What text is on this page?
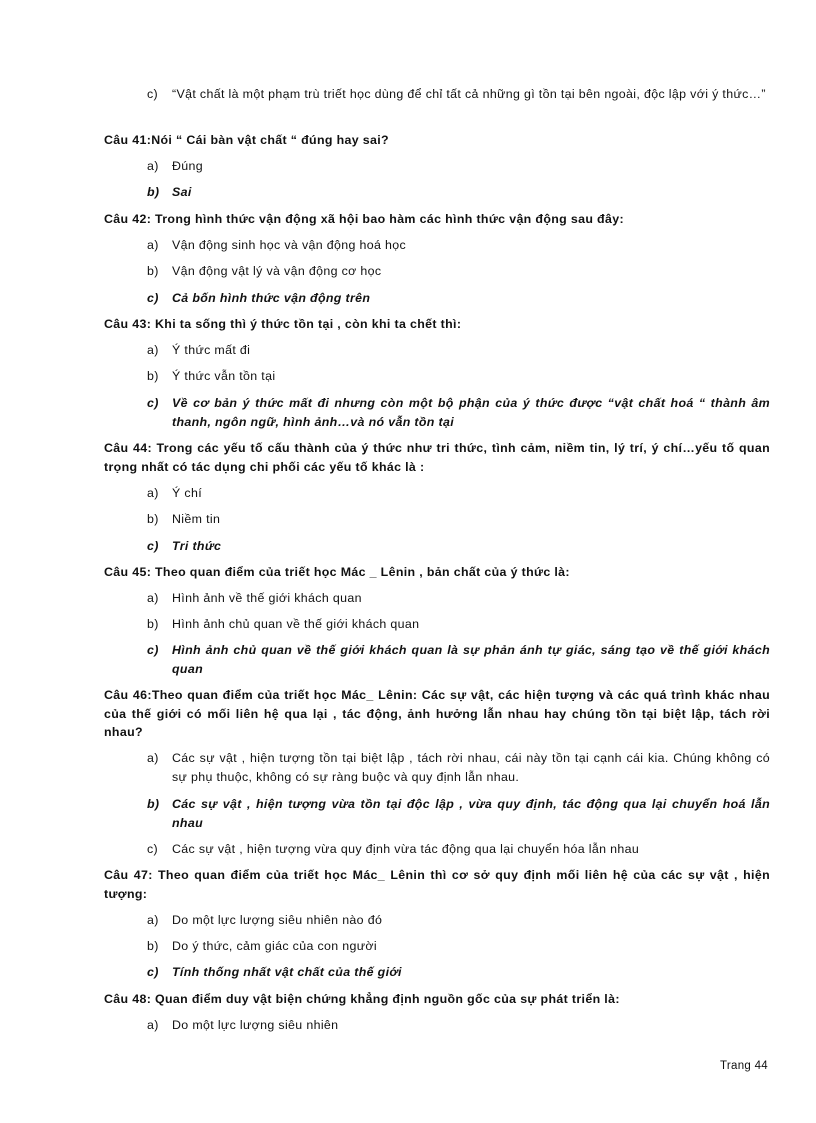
c)	“Vật chất là một phạm trù triết học dùng để chỉ tất cả những gì tồn tại bên ngoài, độc lập với ý thức…”
Câu 41:Nói “ Cái bàn vật chất “ đúng hay sai?
a)	Đúng
b)	Sai
Câu 42: Trong hình thức vận động xã hội bao hàm các hình thức vận động sau đây:
a)	Vận động sinh học và vận động hoá học
b)	Vận động vật lý và vận động cơ học
c)	Cả bốn hình thức vận động trên
Câu 43: Khi ta sống thì ý thức tồn tại , còn khi ta chết thì:
a)	Ý thức mất đi
b)	Ý thức vẫn tồn tại
c)	Về cơ bản ý thức mất đi nhưng còn một bộ phận của ý thức được “vật chất hoá “ thành âm thanh, ngôn ngữ, hình ảnh…và nó vẫn tồn tại
Câu 44: Trong các yếu tố cấu thành của ý thức như tri thức, tình cảm, niềm tin, lý trí, ý chí…yếu tố quan trọng nhất có tác dụng chi phối các yếu tố khác là :
a)	Ý chí
b)	Niềm tin
c)	Tri thức
Câu 45: Theo quan điểm của triết học Mác _ Lênin , bản chất của ý thức là:
a)	Hình ảnh về thế giới khách quan
b)	Hình ảnh chủ quan về thế giới khách quan
c)	Hình ảnh chủ quan về thế giới khách quan là sự phản ánh tự giác, sáng tạo về thế giới khách quan
Câu 46:Theo quan điểm của triết học Mác_ Lênin: Các sự vật, các hiện tượng và các quá trình khác nhau của thế giới có mối liên hệ qua lại , tác động, ảnh hưởng lẫn nhau hay chúng tồn tại biệt lập, tách rời nhau?
a)	Các sự vật , hiện tượng tồn tại biệt lập , tách rời nhau, cái này tồn tại cạnh cái kia. Chúng không có sự phụ thuộc, không có sự ràng buộc và quy định lẫn nhau.
b)	Các sự vật , hiện tượng vừa tồn tại độc lập , vừa quy định, tác động qua lại chuyển hoá lẫn nhau
c)	Các sự vật , hiện tượng vừa quy định vừa tác động qua lại chuyển hóa lẫn nhau
Câu 47: Theo quan điểm của triết học Mác_ Lênin thì cơ sở quy định mối liên hệ của các sự vật , hiện tượng:
a)	Do một lực lượng siêu nhiên nào đó
b)	Do ý thức, cảm giác của con người
c)	Tính thống nhất vật chất của thế giới
Câu 48: Quan điểm duy vật biện chứng khẳng định nguồn gốc của sự phát triển là:
a)	Do một lực lượng siêu nhiên
Trang 44
